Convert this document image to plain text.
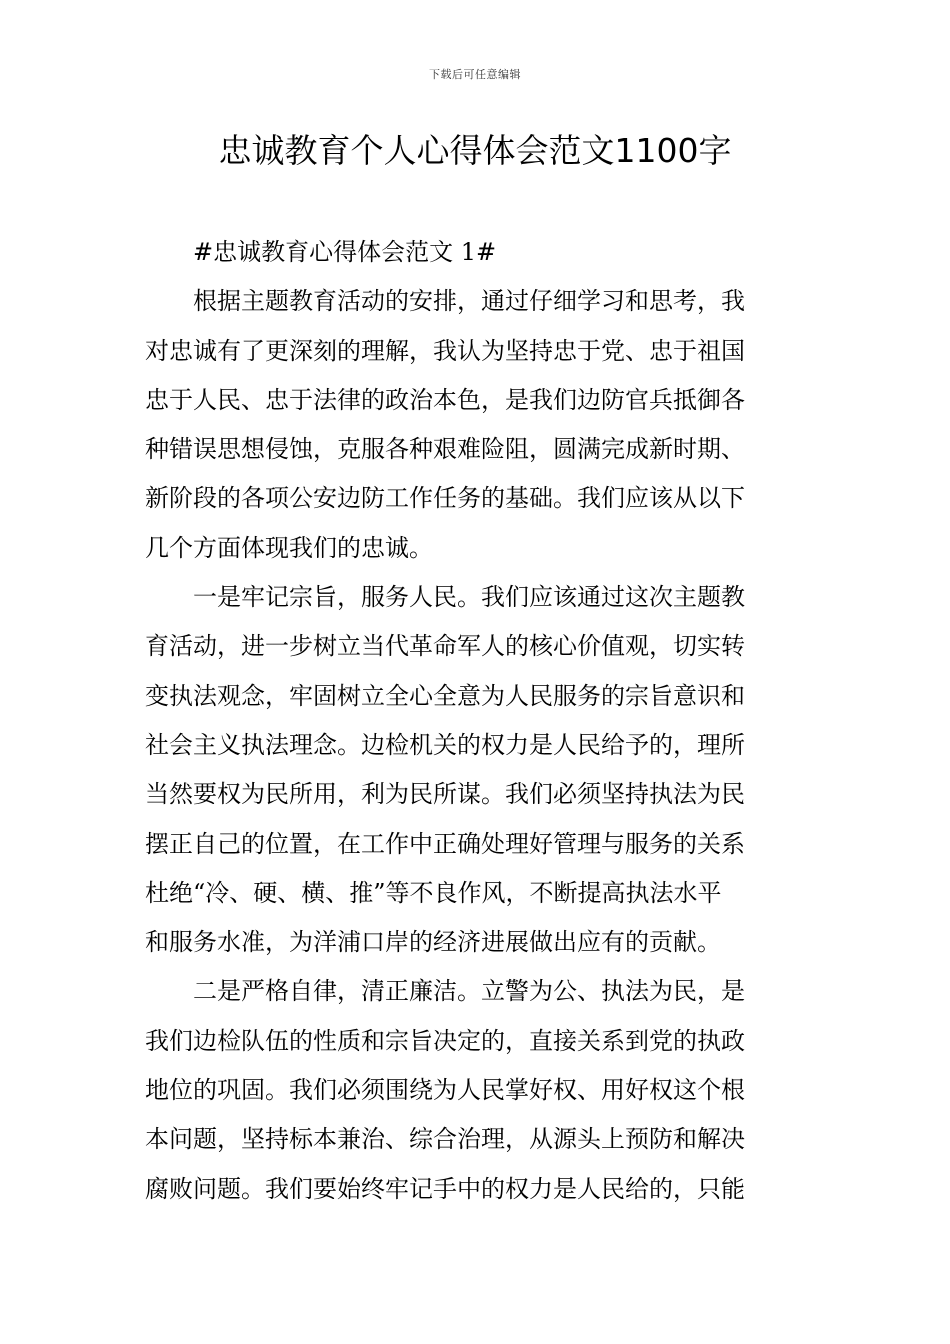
下载后可任意编辑
忠诚教育个人心得体会范文1100字
#忠诚教育心得体会范文 1#
根据主题教育活动的安排，通过仔细学习和思考，我
对忠诚有了更深刻的理解，我认为坚持忠于党、忠于祖国
忠于人民、忠于法律的政治本色，是我们边防官兵抵御各
种错误思想侵蚀，克服各种艰难险阻，圆满完成新时期、
新阶段的各项公安边防工作任务的基础。我们应该从以下
几个方面体现我们的忠诚。
一是牢记宗旨，服务人民。我们应该通过这次主题教
育活动，进一步树立当代革命军人的核心价值观，切实转
变执法观念，牢固树立全心全意为人民服务的宗旨意识和
社会主义执法理念。边检机关的权力是人民给予的，理所
当然要权为民所用，利为民所谋。我们必须坚持执法为民
摆正自己的位置，在工作中正确处理好管理与服务的关系
杜绝“冷、硬、横、推”等不良作风，不断提高执法水平
和服务水准，为洋浦口岸的经济进展做出应有的贡献。
二是严格自律，清正廉洁。立警为公、执法为民，是
我们边检队伍的性质和宗旨决定的，直接关系到党的执政
地位的巩固。我们必须围绕为人民掌好权、用好权这个根
本问题，坚持标本兼治、综合治理，从源头上预防和解决
腐败问题。我们要始终牢记手中的权力是人民给的，只能
